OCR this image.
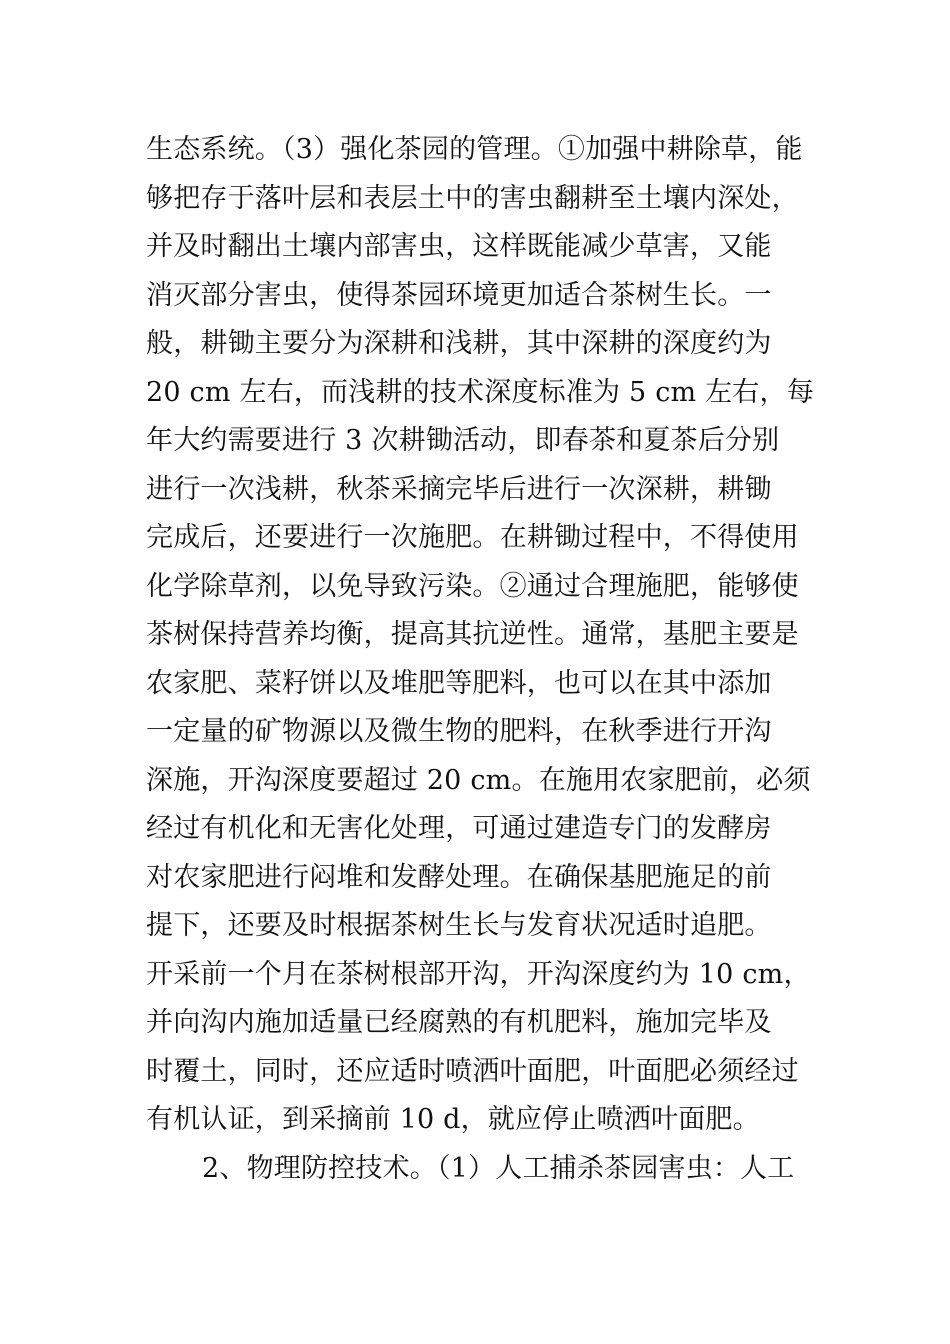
生态系统。（3）强化茶园的管理。①加强中耕除草，能
够把存于落叶层和表层土中的害虫翻耕至土壤内深处，
并及时翻出土壤内部害虫，这样既能减少草害，又能
消灭部分害虫，使得茶园环境更加适合茶树生长。一
般，耕锄主要分为深耕和浅耕，其中深耕的深度约为
20 cm 左右，而浅耕的技术深度标准为 5 cm 左右，每
年大约需要进行 3 次耕锄活动，即春茶和夏茶后分别
进行一次浅耕，秋茶采摘完毕后进行一次深耕，耕锄
完成后，还要进行一次施肥。在耕锄过程中，不得使用
化学除草剂，以免导致污染。②通过合理施肥，能够使
茶树保持营养均衡，提高其抗逆性。通常，基肥主要是
农家肥、菜籽饼以及堆肥等肥料，也可以在其中添加
一定量的矿物源以及微生物的肥料，在秋季进行开沟
深施，开沟深度要超过 20 cm。在施用农家肥前，必须
经过有机化和无害化处理，可通过建造专门的发酵房
对农家肥进行闷堆和发酵处理。在确保基肥施足的前
提下，还要及时根据茶树生长与发育状况适时追肥。
开采前一个月在茶树根部开沟，开沟深度约为 10 cm，
并向沟内施加适量已经腐熟的有机肥料，施加完毕及
时覆土，同时，还应适时喷洒叶面肥，叶面肥必须经过
有机认证，到采摘前 10 d，就应停止喷洒叶面肥。
2、物理防控技术。（1）人工捕杀茶园害虫：人工
